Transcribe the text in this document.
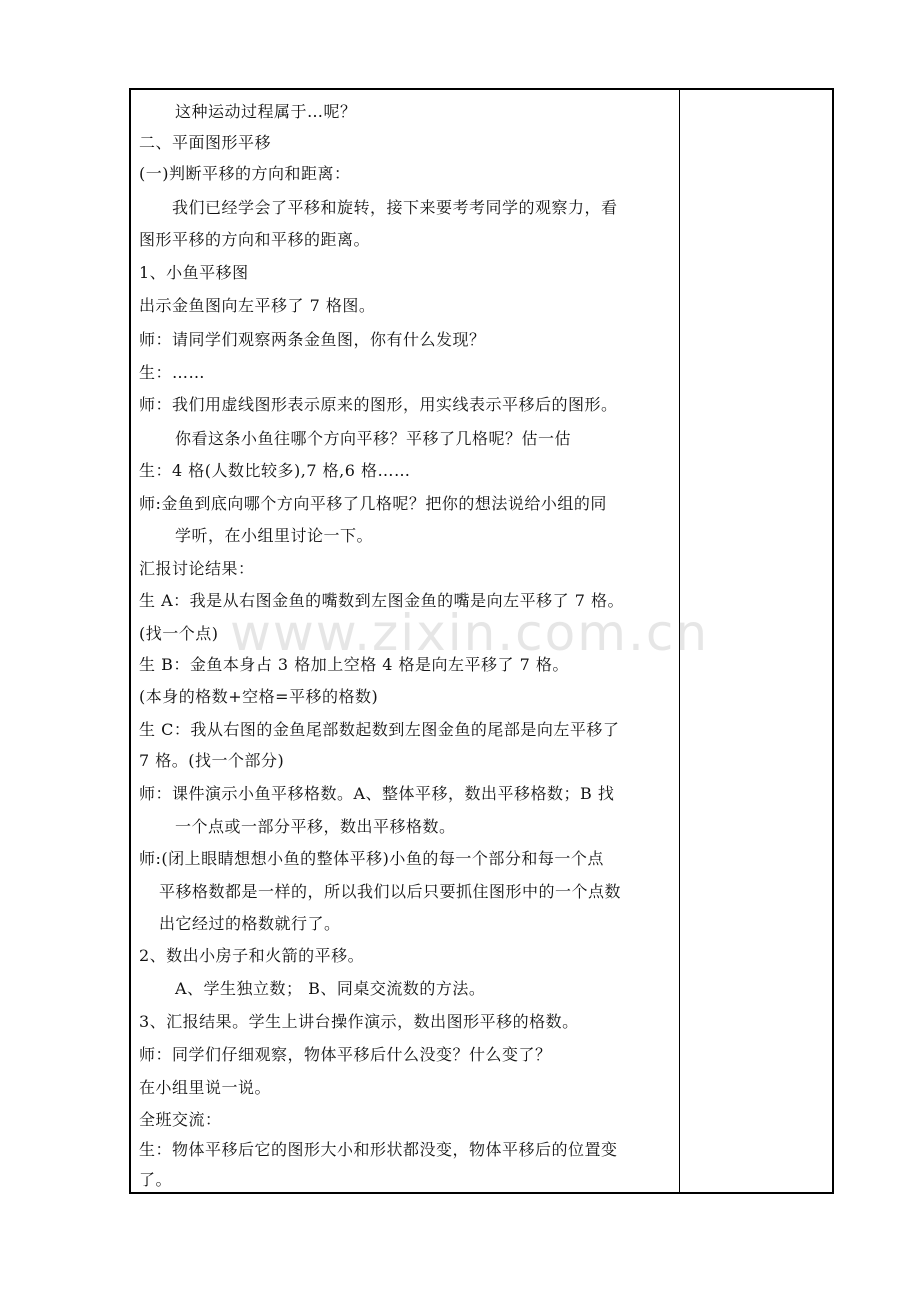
这种运动过程属于…呢？
二、平面图形平移
(一)判断平移的方向和距离：
我们已经学会了平移和旋转，接下来要考考同学的观察力，看
图形平移的方向和平移的距离。
1、小鱼平移图
出示金鱼图向左平移了 7 格图。
师：请同学们观察两条金鱼图，你有什么发现？
生：……
师：我们用虚线图形表示原来的图形，用实线表示平移后的图形。
你看这条小鱼往哪个方向平移？平移了几格呢？估一估
生：4 格(人数比较多),7 格,6 格……
师:金鱼到底向哪个方向平移了几格呢？把你的想法说给小组的同
学听，在小组里讨论一下。
汇报讨论结果：
生 A：我是从右图金鱼的嘴数到左图金鱼的嘴是向左平移了 7 格。
(找一个点)
生 B：金鱼本身占 3 格加上空格 4 格是向左平移了 7 格。
(本身的格数+空格=平移的格数)
生 C：我从右图的金鱼尾部数起数到左图金鱼的尾部是向左平移了
7 格。(找一个部分)
师：课件演示小鱼平移格数。A、整体平移，数出平移格数；B 找
一个点或一部分平移，数出平移格数。
师:(闭上眼睛想想小鱼的整体平移)小鱼的每一个部分和每一个点
平移格数都是一样的，所以我们以后只要抓住图形中的一个点数
出它经过的格数就行了。
2、数出小房子和火箭的平移。
A、学生独立数； B、同桌交流数的方法。
3、汇报结果。学生上讲台操作演示，数出图形平移的格数。
师：同学们仔细观察，物体平移后什么没变？什么变了？
在小组里说一说。
全班交流：
生：物体平移后它的图形大小和形状都没变，物体平移后的位置变
了。
www.zixin.com.cn
